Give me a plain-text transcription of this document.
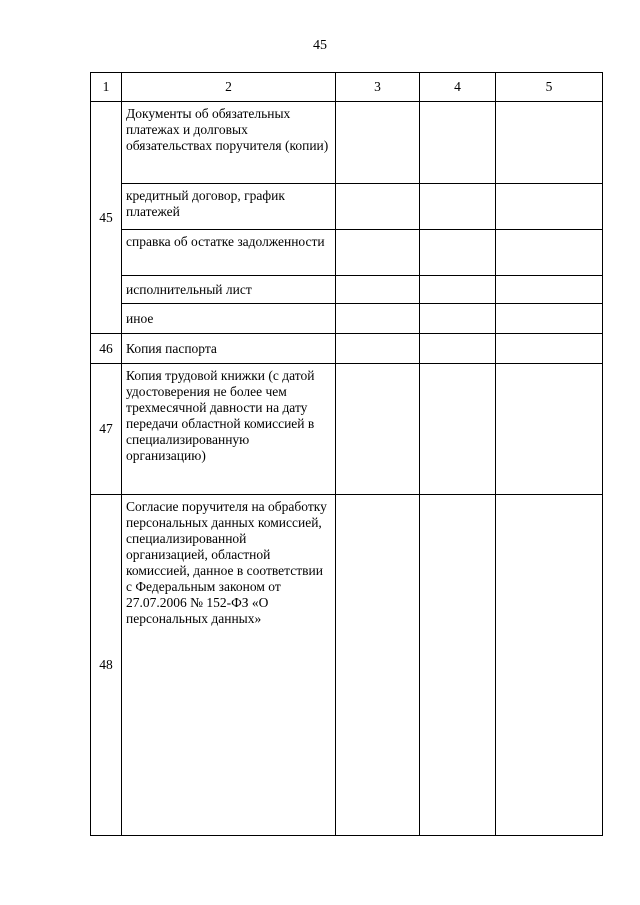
45
1	2	3	4	5
45	Документы об обязательных платежах и долговых обязательствах поручителя (копии)			
	кредитный договор, график платежей			
	справка об остатке задолженности			
	исполнительный лист			
	иное			
46	Копия паспорта			
47	Копия трудовой книжки (с датой удостоверения не более чем трехмесячной давности на дату передачи областной комиссией в специализированную организацию)			
48	Согласие поручителя на обработку персональных данных комиссией, специализированной организацией, областной комиссией, данное в соответствии с Федеральным законом от 27.07.2006 № 152-ФЗ «О персональных данных»			
